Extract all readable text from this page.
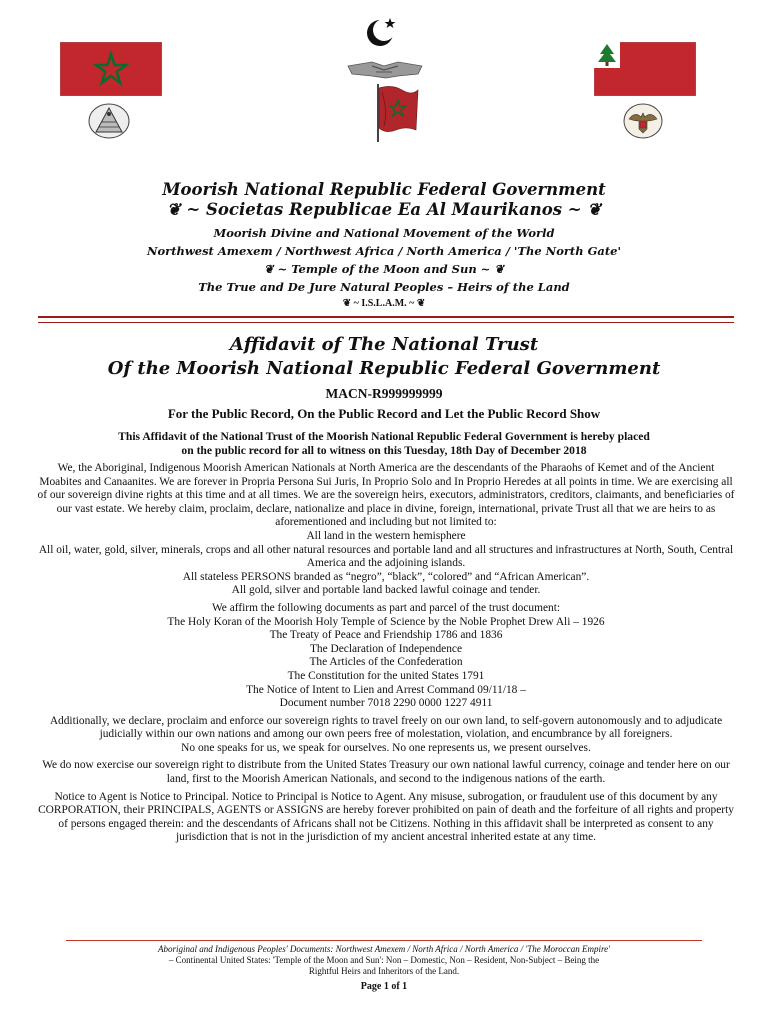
Moorish National Republic Federal Government
❦ ~ Societas Republicae Ea Al Maurikanos ~ ❦
Moorish Divine and National Movement of the World
Northwest Amexem / Northwest Africa / North America / 'The North Gate'
❦ ~ Temple of the Moon and Sun ~ ❦
The True and De Jure Natural Peoples – Heirs of the Land
❦ ~ I.S.L.A.M. ~ ❦
Affidavit of The National Trust
Of the Moorish National Republic Federal Government
MACN-R999999999
For the Public Record, On the Public Record and Let the Public Record Show
This Affidavit of the National Trust of the Moorish National Republic Federal Government is hereby placed
on the public record for all to witness on this Tuesday, 18th Day of December 2018

We, the Aboriginal, Indigenous Moorish American Nationals at North America are the descendants of the Pharaohs of Kemet and of the Ancient Moabites and Canaanites. We are forever in Propria Persona Sui Juris, In Proprio Solo and In Proprio Heredes at all points in time. We are exercising all of our sovereign divine rights at this time and at all times. We are the sovereign heirs, executors, administrators, creditors, claimants, and beneficiaries of our vast estate. We hereby claim, proclaim, declare, nationalize and place in divine, foreign, international, private Trust all that we are heirs to as aforementioned and including but not limited to:

All land in the western hemisphere

All oil, water, gold, silver, minerals, crops and all other natural resources and portable land and all structures and infrastructures at North, South, Central America and the adjoining islands.

All stateless PERSONS branded as “negro”, “black”, “colored” and “African American”.

All gold, silver and portable land backed lawful coinage and tender.

We affirm the following documents as part and parcel of the trust document:

The Holy Koran of the Moorish Holy Temple of Science by the Noble Prophet Drew Ali – 1926

The Treaty of Peace and Friendship 1786 and 1836

The Declaration of Independence

The Articles of the Confederation

The Constitution for the united States 1791

The Notice of Intent to Lien and Arrest Command 09/11/18 –

Document number 7018 2290 0000 1227 4911

Additionally, we declare, proclaim and enforce our sovereign rights to travel freely on our own land, to self-govern autonomously and to adjudicate judicially within our own nations and among our own peers free of molestation, violation, and encumbrance by all foreigners.

No one speaks for us, we speak for ourselves. No one represents us, we present ourselves.

We do now exercise our sovereign right to distribute from the United States Treasury our own national lawful currency, coinage and tender here on our land, first to the Moorish American Nationals, and second to the indigenous nations of the earth.

Notice to Agent is Notice to Principal. Notice to Principal is Notice to Agent. Any misuse, subrogation, or fraudulent use of this document by any CORPORATION, their PRINCIPALS, AGENTS or ASSIGNS are hereby forever prohibited on pain of death and the forfeiture of all rights and property of persons engaged therein: and the descendants of Africans shall not be Citizens. Nothing in this affidavit shall be interpreted as consent to any jurisdiction that is not in the jurisdiction of my ancient ancestral inherited estate at any time.

Aboriginal and Indigenous Peoples' Documents: Northwest Amexem / North Africa / North America / 'The Moroccan Empire'
– Continental United States: 'Temple of the Moon and Sun': Non – Domestic, Non – Resident, Non-Subject – Being the
Rightful Heirs and Inheritors of the Land.
Page 1 of 1
